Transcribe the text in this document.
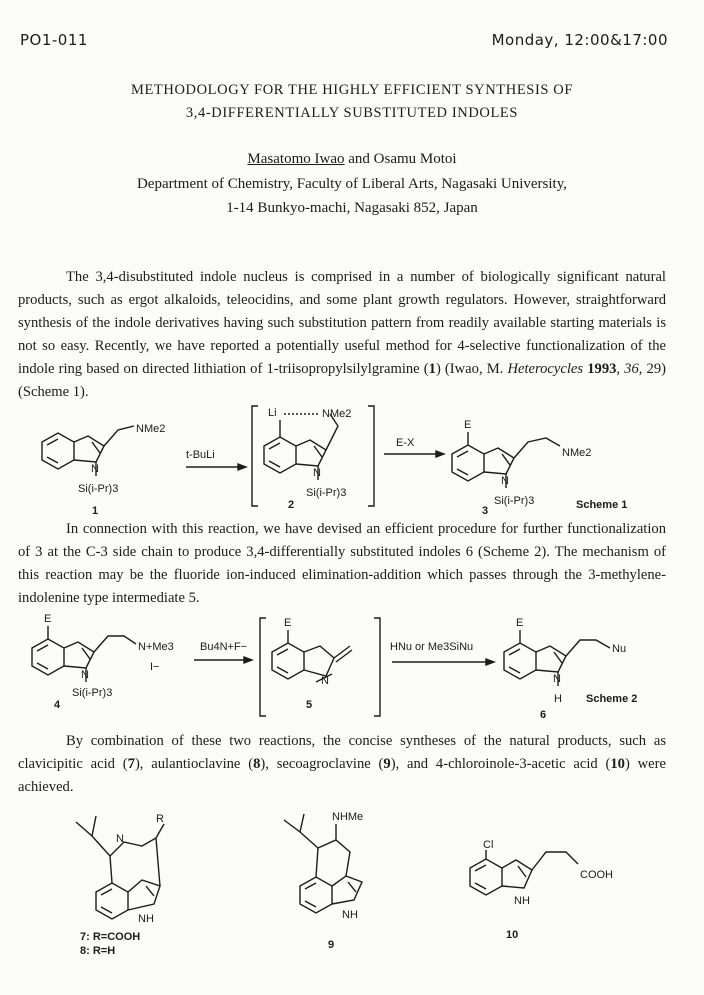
PO1-011	Monday, 12:00&17:00
METHODOLOGY FOR THE HIGHLY EFFICIENT SYNTHESIS OF
3,4-DIFFERENTIALLY SUBSTITUTED INDOLES
Masatomo Iwao and Osamu Motoi
Department of Chemistry, Faculty of Liberal Arts, Nagasaki University,
1-14 Bunkyo-machi, Nagasaki 852, Japan
The 3,4-disubstituted indole nucleus is comprised in a number of biologically significant natural products, such as ergot alkaloids, teleocidins, and some plant growth regulators. However, straightforward synthesis of the indole derivatives having such substitution pattern from readily available starting materials is not so easy. Recently, we have reported a potentially useful method for 4-selective functionalization of the indole ring based on directed lithiation of 1-triisopropylsilylgramine (1) (Iwao, M. Heterocycles 1993, 36, 29) (Scheme 1).
NMe2
N
Si(i-Pr)3
1
t-BuLi
Li	NMe2
N
Si(i-Pr)3
2
E-X
E
NMe2
N
Si(i-Pr)3
3	Scheme 1
In connection with this reaction, we have devised an efficient procedure for further functionalization of 3 at the C-3 side chain to produce 3,4-differentially substituted indoles 6 (Scheme 2). The mechanism of this reaction may be the fluoride ion-induced elimination-addition which passes through the 3-methylene-indolenine type intermediate 5.
E
N+Me3
I−
N
Si(i-Pr)3
4
Bu4N+F−
E
N
5
HNu or Me3SiNu
E
Nu
N
H
6
Scheme 2
By combination of these two reactions, the concise syntheses of the natural products, such as clavicipitic acid (7), aulantioclavine (8), secoagroclavine (9), and 4-chloroinole-3-acetic acid (10) were achieved.
R
N
NH
7: R=COOH
8: R=H
NHMe
NH
9
Cl
COOH
NH
10
